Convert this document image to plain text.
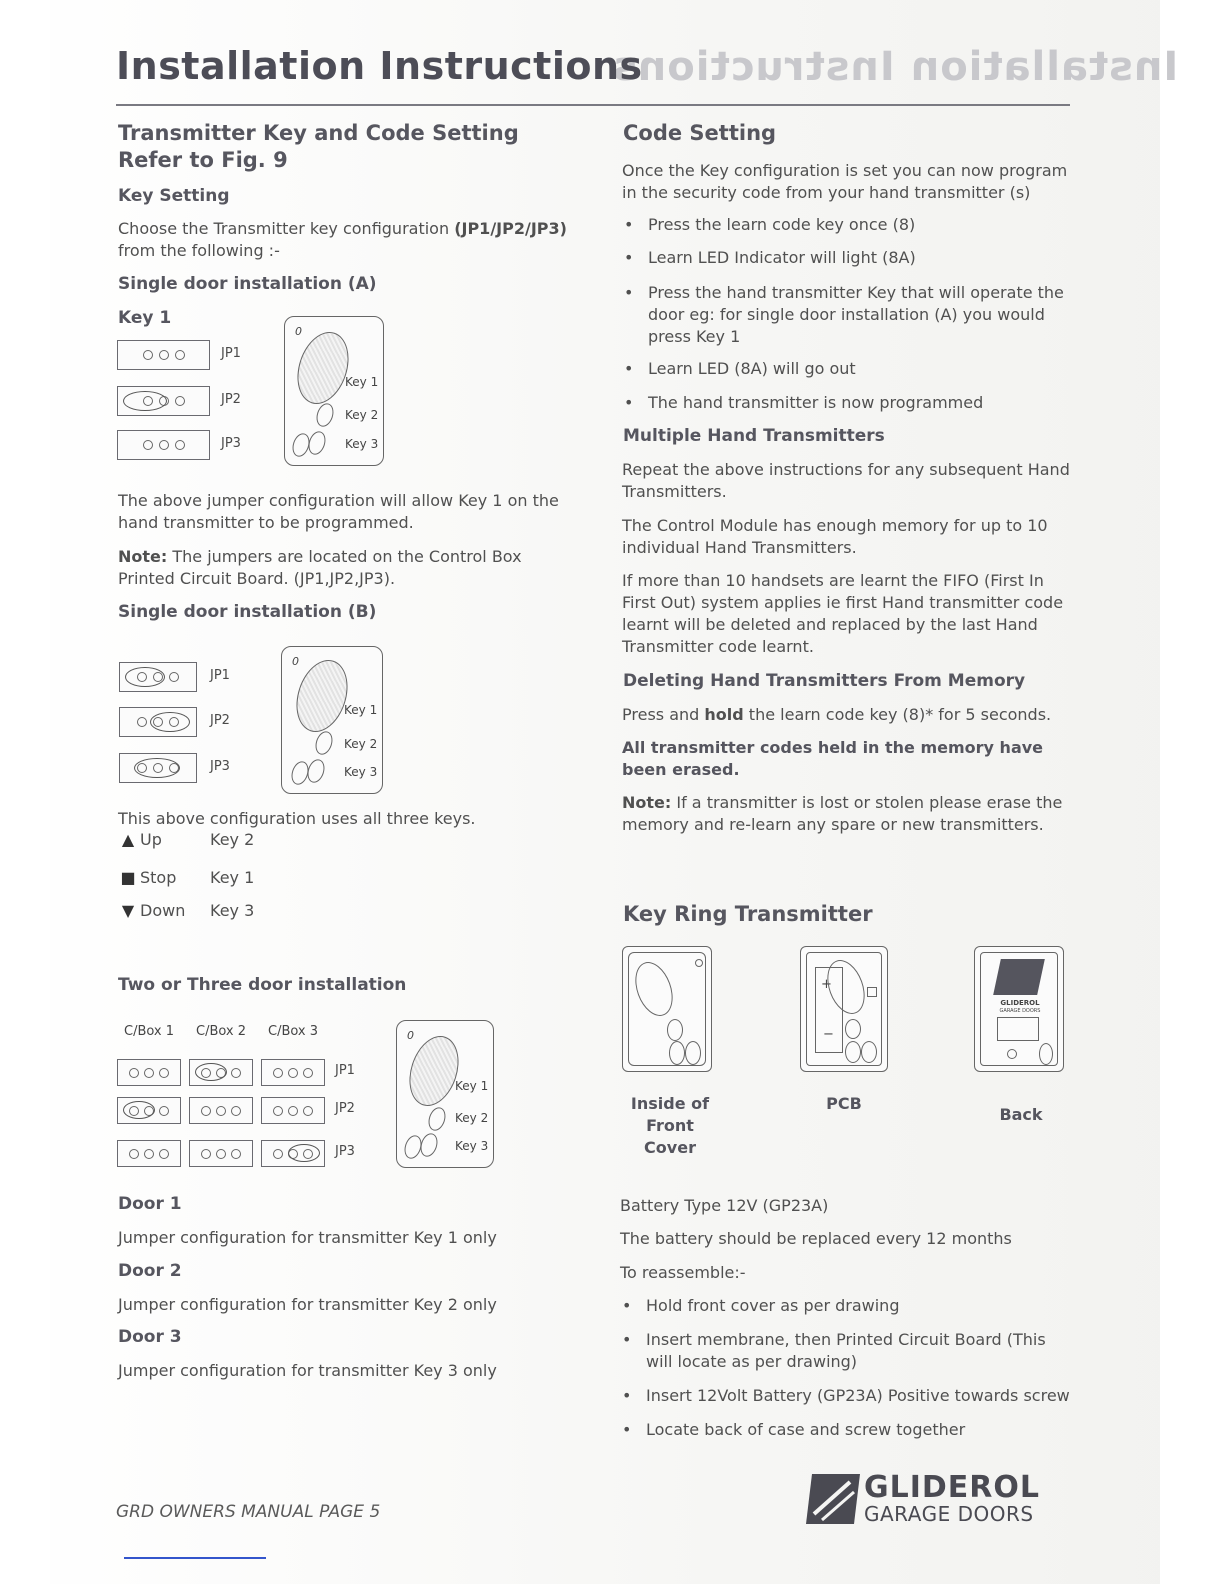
Installation Instructions
Installation Instructions
Transmitter Key and Code Setting
Refer to Fig. 9
Key Setting

Choose the Transmitter key configuration (JP1/JP2/JP3)

from the following :-

Single door installation (A)
Key 1
JP1
JP2
JP3
0
Key 1
Key 2
Key 3

The above jumper configuration will allow Key 1 on the hand transmitter to be programmed.

Note: The jumpers are located on the Control Box Printed Circuit Board. (JP1,JP2,JP3).

Single door installation (B)
JP1
JP2
JP3
0
Key 1
Key 2
Key 3

This above configuration uses all three keys.

▲ Up	Key 2
■ Stop	Key 1
▼ Down	Key 3
Two or Three door installation
C/Box 1 C/Box 2 C/Box 3
JP1
JP2
JP3
0
Key 1
Key 2
Key 3
Door 1

Jumper configuration for transmitter Key 1 only

Door 2

Jumper configuration for transmitter Key 2 only

Door 3

Jumper configuration for transmitter Key 3 only

Code Setting

Once the Key configuration is set you can now program in the security code from your hand transmitter (s)

• Press the learn code key once (8)
• Learn LED Indicator will light (8A)
• Press the hand transmitter Key that will operate the door eg: for single door installation (A) you would press Key 1
• Learn LED (8A) will go out
• The hand transmitter is now programmed
Multiple Hand Transmitters

Repeat the above instructions for any subsequent Hand Transmitters.

The Control Module has enough memory for up to 10 individual Hand Transmitters.

If more than 10 handsets are learnt the FIFO (First In First Out) system applies ie first Hand transmitter code learnt will be deleted and replaced by the last Hand Transmitter code learnt.

Deleting Hand Transmitters From Memory

Press and hold the learn code key (8)* for 5 seconds.

All transmitter codes held in the memory have been erased.

Note: If a transmitter is lost or stolen please erase the memory and re-learn any spare or new transmitters.

Key Ring Transmitter

Inside of Front Cover

+
−

PCB

GLIDEROL
GARAGE DOORS

Back

Battery Type 12V (GP23A)

The battery should be replaced every 12 months

To reassemble:-

• Hold front cover as per drawing
• Insert membrane, then Printed Circuit Board (This will locate as per drawing)
• Insert 12Volt Battery (GP23A) Positive towards screw
• Locate back of case and screw together
GRD OWNERS MANUAL PAGE 5
GLIDEROL
GARAGE DOORS
